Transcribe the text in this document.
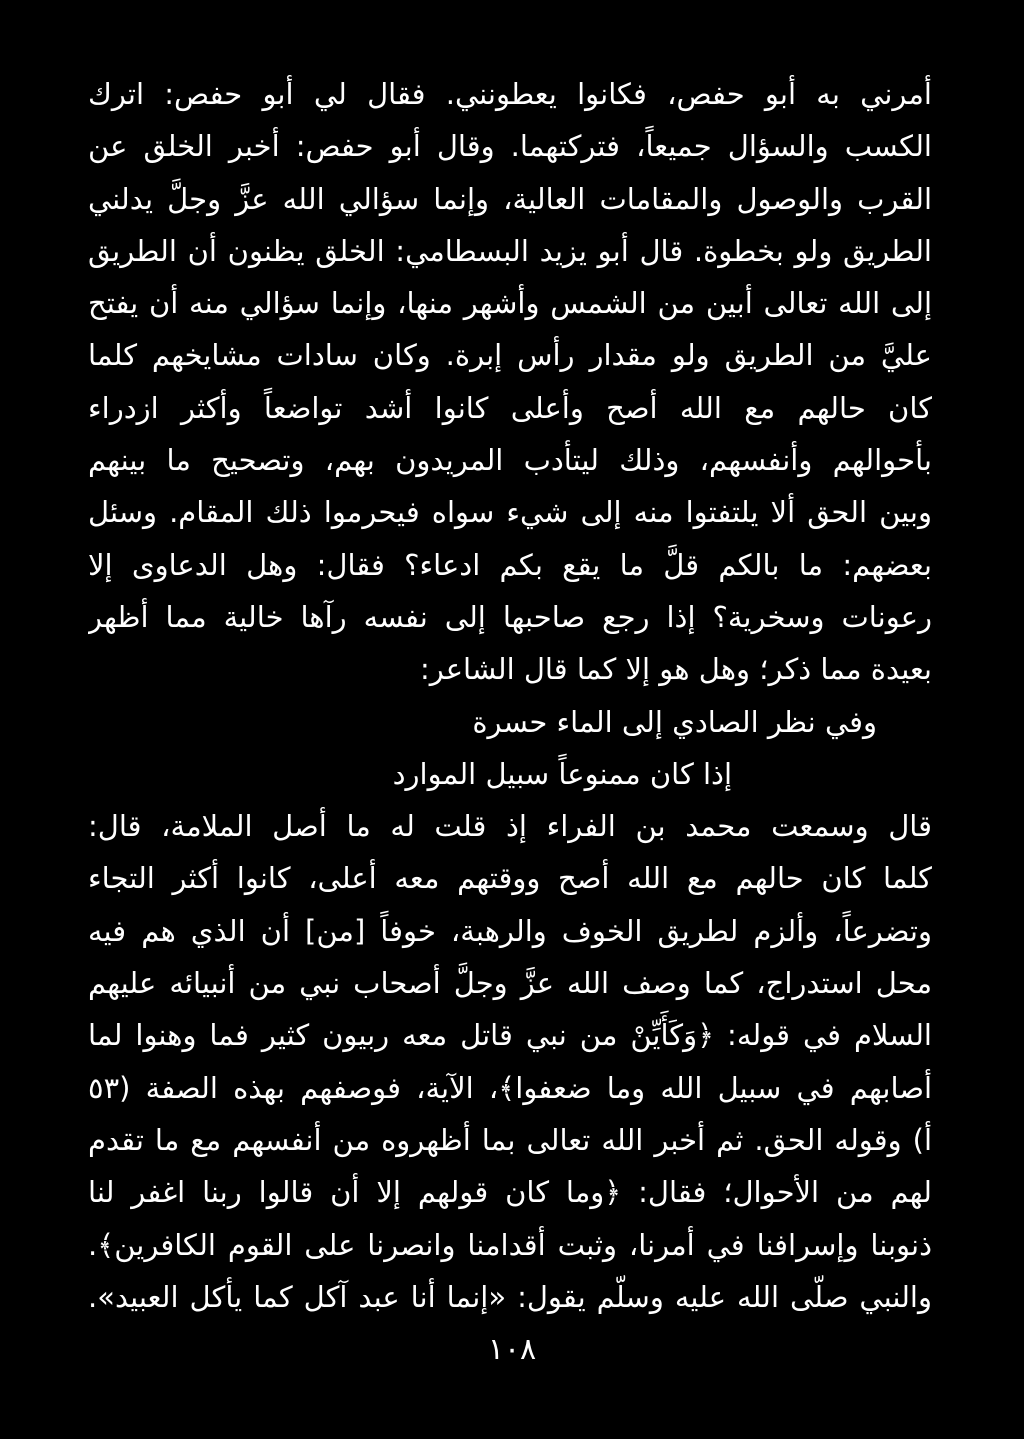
أمرني به أبو حفص، فكانوا يعطونني. فقال لي أبو حفص: اترك
الكسب والسؤال جميعاً، فتركتهما. وقال أبو حفص: أخبر الخلق عن
القرب والوصول والمقامات العالية، وإنما سؤالي الله عزَّ وجلَّ يدلني
الطريق ولو بخطوة. قال أبو يزيد البسطامي: الخلق يظنون أن الطريق
إلى الله تعالى أبين من الشمس وأشهر منها، وإنما سؤالي منه أن يفتح
عليَّ من الطريق ولو مقدار رأس إبرة. وكان سادات مشايخهم كلما
كان حالهم مع الله أصح وأعلى كانوا أشد تواضعاً وأكثر ازدراء
بأحوالهم وأنفسهم، وذلك ليتأدب المريدون بهم، وتصحيح ما بينهم
وبين الحق ألا يلتفتوا منه إلى شيء سواه فيحرموا ذلك المقام. وسئل
بعضهم: ما بالكم قلَّ ما يقع بكم ادعاء؟ فقال: وهل الدعاوى إلا
رعونات وسخرية؟ إذا رجع صاحبها إلى نفسه رآها خالية مما أظهر
بعيدة مما ذكر؛ وهل هو إلا كما قال الشاعر:
وفي نظر الصادي إلى الماء حسرة
إذا كان ممنوعاً سبيل الموارد
قال وسمعت محمد بن الفراء إذ قلت له ما أصل الملامة، قال:
كلما كان حالهم مع الله أصح ووقتهم معه أعلى، كانوا أكثر التجاء
وتضرعاً، وألزم لطريق الخوف والرهبة، خوفاً [من] أن الذي هم فيه
محل استدراج، كما وصف الله عزَّ وجلَّ أصحاب نبي من أنبيائه عليهم
السلام في قوله: ﴿وَكَأَيِّنْ من نبي قاتل معه ربيون كثير فما وهنوا لما
أصابهم في سبيل الله وما ضعفوا﴾، الآية، فوصفهم بهذه الصفة (٥٣
أ) وقوله الحق. ثم أخبر الله تعالى بما أظهروه من أنفسهم مع ما تقدم
لهم من الأحوال؛ فقال: ﴿وما كان قولهم إلا أن قالوا ربنا اغفر لنا
ذنوبنا وإسرافنا في أمرنا، وثبت أقدامنا وانصرنا على القوم الكافرين﴾.
والنبي صلّى الله عليه وسلّم يقول: «إنما أنا عبد آكل كما يأكل العبيد».
١٠٨
